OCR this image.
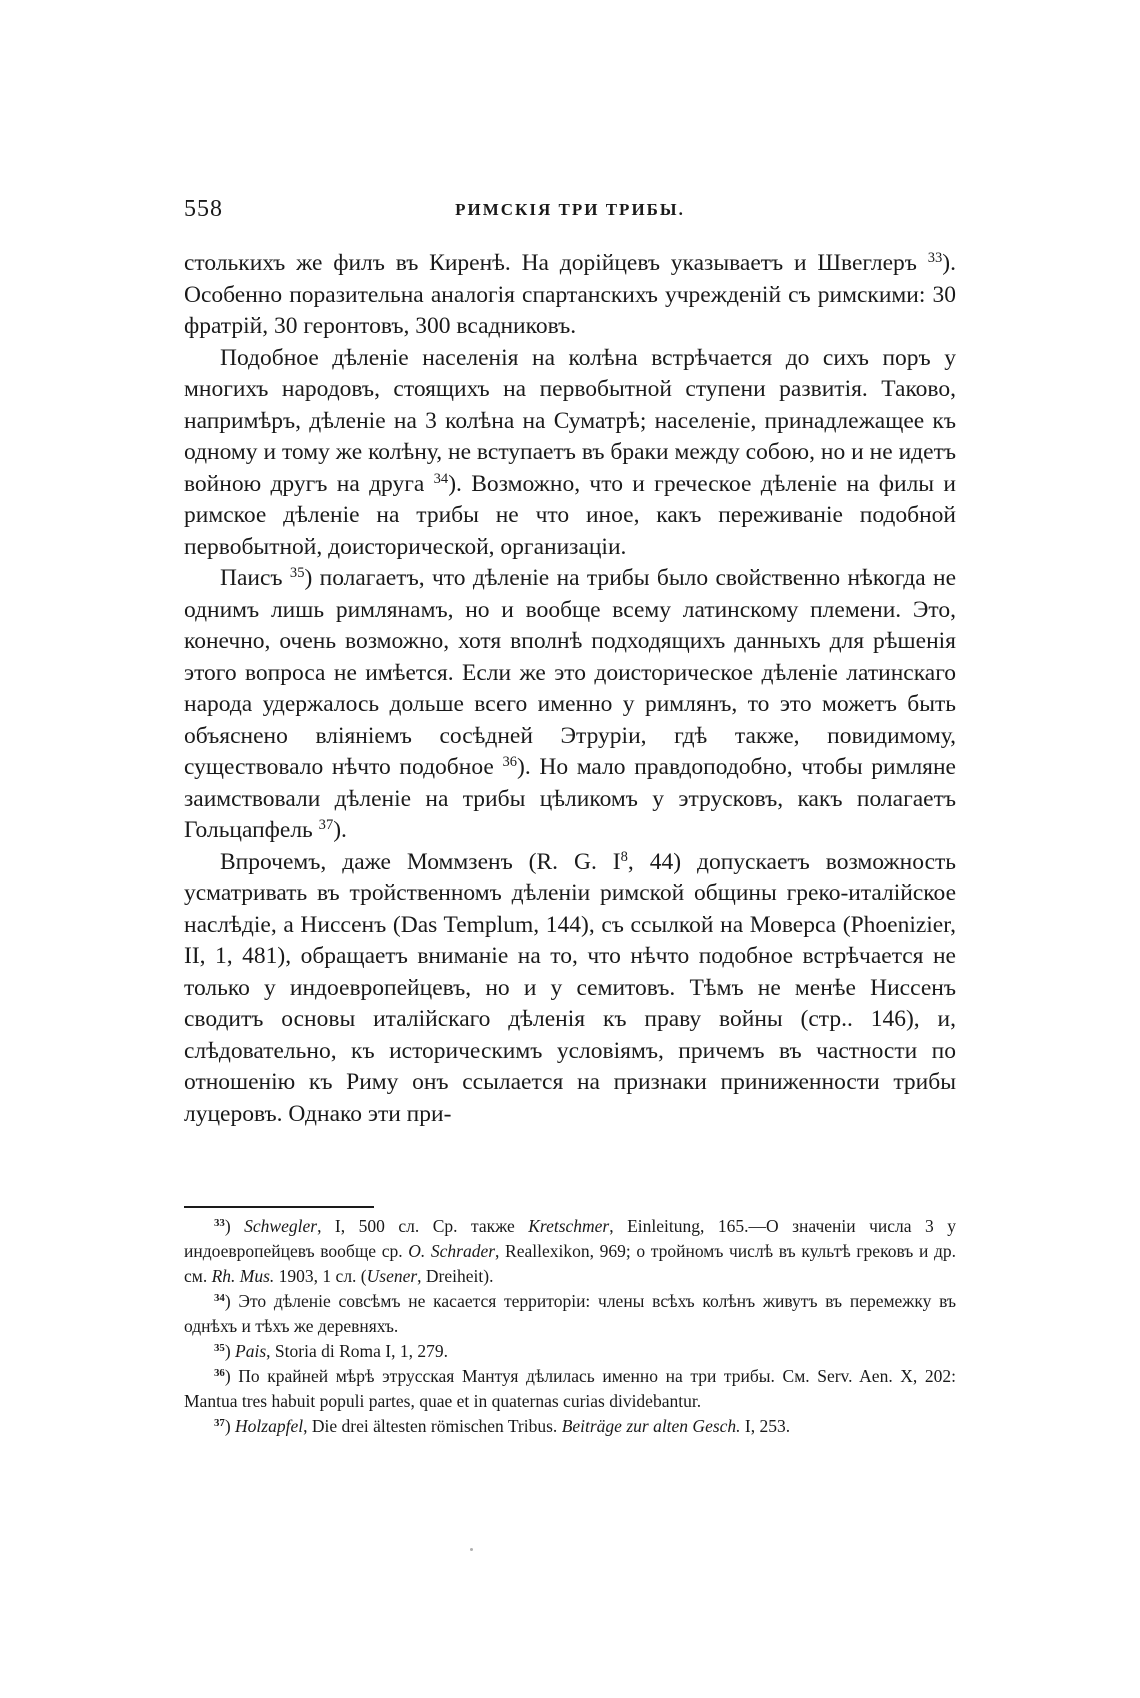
558	РИМСКІЯ ТРИ ТРИБЫ.

столькихъ же филъ въ Киренѣ. На дорійцевъ указываетъ и Швеглеръ $^{33}$). Особенно поразительна аналогія спартанскихъ учрежденій съ римскими: 30 фратрій, 30 геронтовъ, 300 всадниковъ.

Подобное дѣленіе населенія на колѣна встрѣчается до сихъ поръ у многихъ народовъ, стоящихъ на первобытной ступени развитія. Таково, напримѣръ, дѣленіе на 3 колѣна на Суматрѣ; населеніе, принадлежащее къ одному и тому же колѣну, не вступаетъ въ браки между собою, но и не идетъ войною другъ на друга $^{34}$). Возможно, что и греческое дѣленіе на филы и римское дѣленіе на трибы не что иное, какъ переживаніе подобной первобытной, доисторической, организаціи.

Паисъ $^{35}$) полагаетъ, что дѣленіе на трибы было свойственно нѣкогда не однимъ лишь римлянамъ, но и вообще всему латинскому племени. Это, конечно, очень возможно, хотя вполнѣ подходящихъ данныхъ для рѣшенія этого вопроса не имѣется. Если же это доисторическое дѣленіе латинскаго народа удержалось дольше всего именно у римлянъ, то это можетъ быть объяснено вліяніемъ сосѣдней Этруріи, гдѣ также, повидимому, существовало нѣчто подобное $^{36}$). Но мало правдоподобно, чтобы римляне заимствовали дѣленіе на трибы цѣликомъ у этрусковъ, какъ полагаетъ Гольцапфель $^{37}$).

Впрочемъ, даже Моммзенъ (R. G. $I^8$, 44) допускаетъ возможность усматривать въ тройственномъ дѣленіи римской общины греко-италійское наслѣдіе, а Ниссенъ (Das Templum, 144), съ ссылкой на Моверса (Phoenizier, II, 1, 481), обращаетъ вниманіе на то, что нѣчто подобное встрѣчается не только у индоевропейцевъ, но и у семитовъ. Тѣмъ не менѣе Ниссенъ сводитъ основы италійскаго дѣленія къ праву войны (стр.. 146), и, слѣдовательно, къ историческимъ условіямъ, причемъ въ частности по отношенію къ Риму онъ ссылается на признаки приниженности трибы луцеровъ. Однако эти при-

$^{33}$) Schwegler, I, 500 сл. Ср. также Kretschmer, Einleitung, 165.—О значеніи числа 3 у индоевропейцевъ вообще ср. O. Schrader, Reallexikon, 969; о тройномъ числѣ въ культѣ грековъ и др. см. Rh. Mus. 1903, 1 сл. (Usener, Dreiheit).

$^{34}$) Это дѣленіе совсѣмъ не касается территоріи: члены всѣхъ колѣнъ живутъ въ перемежку въ однѣхъ и тѣхъ же деревняхъ.

$^{35}$) Pais, Storia di Roma I, 1, 279.

$^{36}$) По крайней мѣрѣ этрусская Мантуя дѣлилась именно на три трибы. См. Serv. Aen. X, 202: Mantua tres habuit populi partes, quae et in quaternas curias dividebantur.

$^{37}$) Holzapfel, Die drei ältesten römischen Tribus. Beiträge zur alten Gesch. I, 253.
